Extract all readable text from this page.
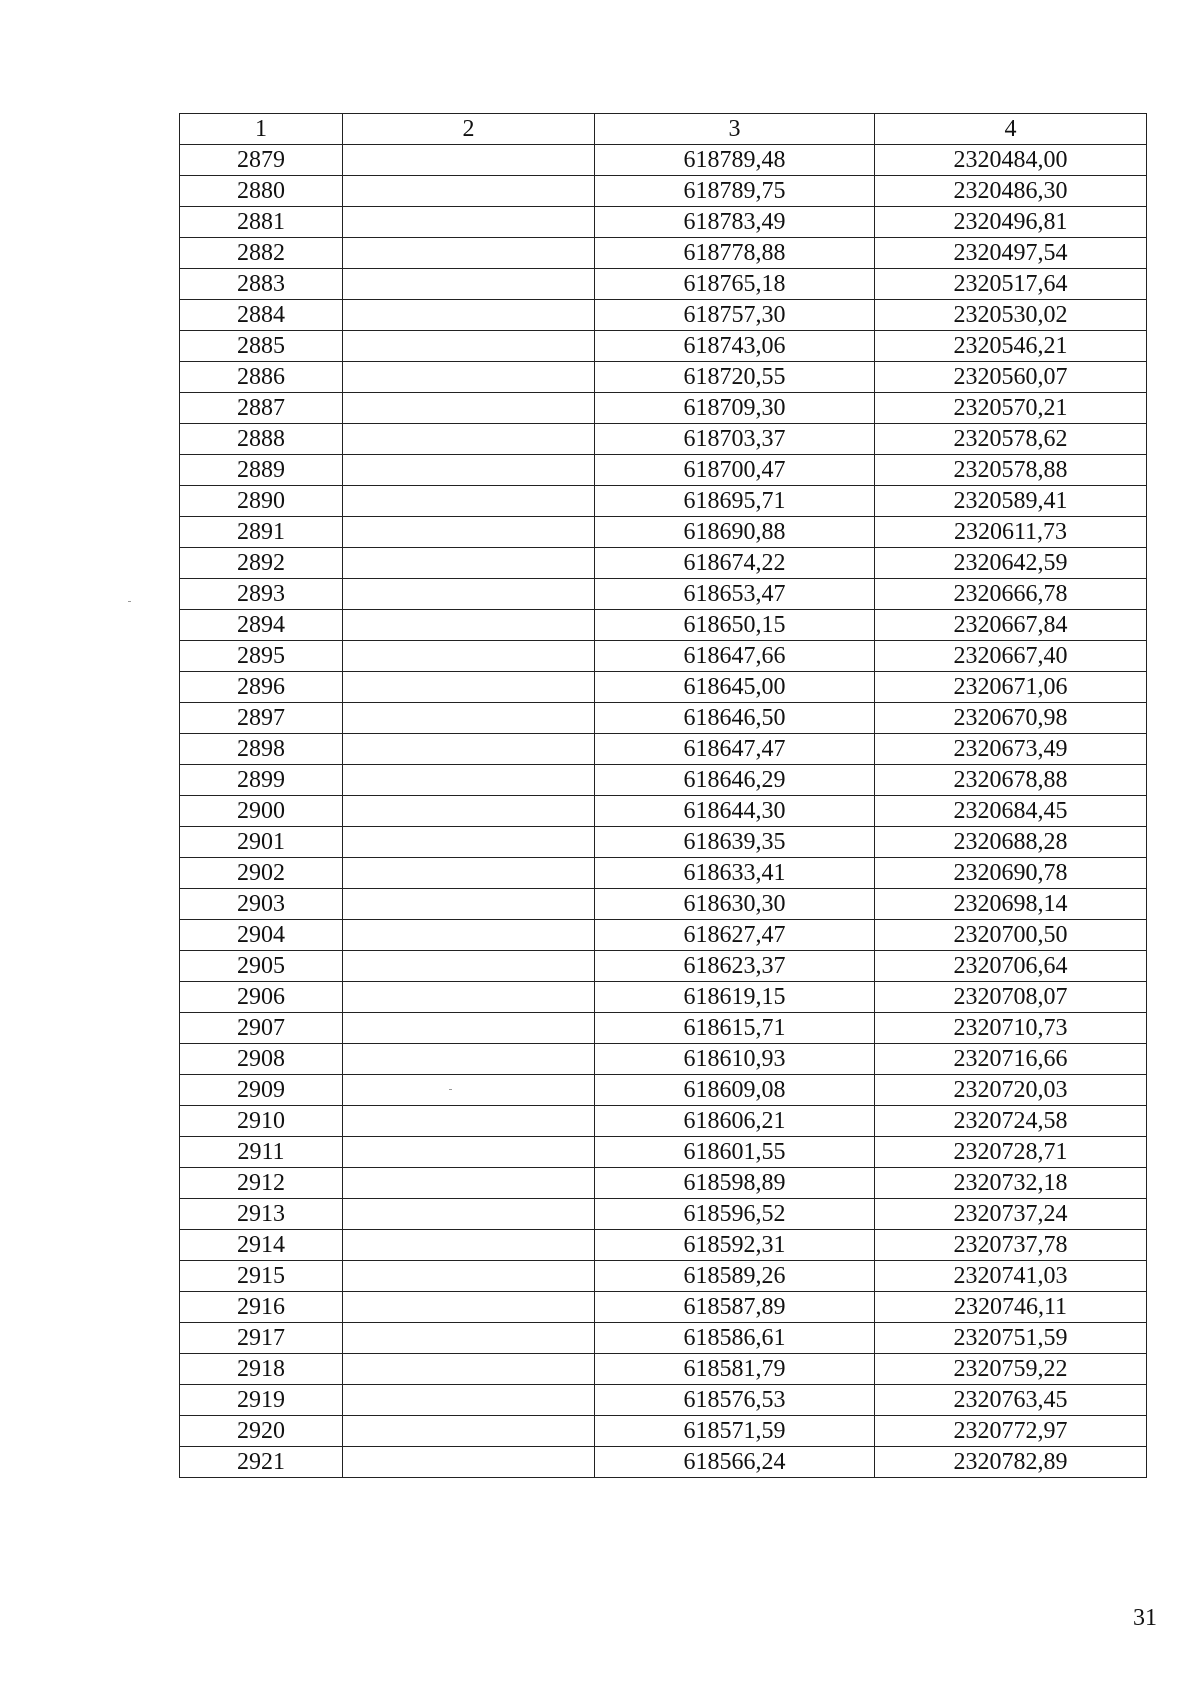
1	2	3	4
2879		618789,48	2320484,00
2880		618789,75	2320486,30
2881		618783,49	2320496,81
2882		618778,88	2320497,54
2883		618765,18	2320517,64
2884		618757,30	2320530,02
2885		618743,06	2320546,21
2886		618720,55	2320560,07
2887		618709,30	2320570,21
2888		618703,37	2320578,62
2889		618700,47	2320578,88
2890		618695,71	2320589,41
2891		618690,88	2320611,73
2892		618674,22	2320642,59
2893		618653,47	2320666,78
2894		618650,15	2320667,84
2895		618647,66	2320667,40
2896		618645,00	2320671,06
2897		618646,50	2320670,98
2898		618647,47	2320673,49
2899		618646,29	2320678,88
2900		618644,30	2320684,45
2901		618639,35	2320688,28
2902		618633,41	2320690,78
2903		618630,30	2320698,14
2904		618627,47	2320700,50
2905		618623,37	2320706,64
2906		618619,15	2320708,07
2907		618615,71	2320710,73
2908		618610,93	2320716,66
2909		618609,08	2320720,03
2910		618606,21	2320724,58
2911		618601,55	2320728,71
2912		618598,89	2320732,18
2913		618596,52	2320737,24
2914		618592,31	2320737,78
2915		618589,26	2320741,03
2916		618587,89	2320746,11
2917		618586,61	2320751,59
2918		618581,79	2320759,22
2919		618576,53	2320763,45
2920		618571,59	2320772,97
2921		618566,24	2320782,89
31
